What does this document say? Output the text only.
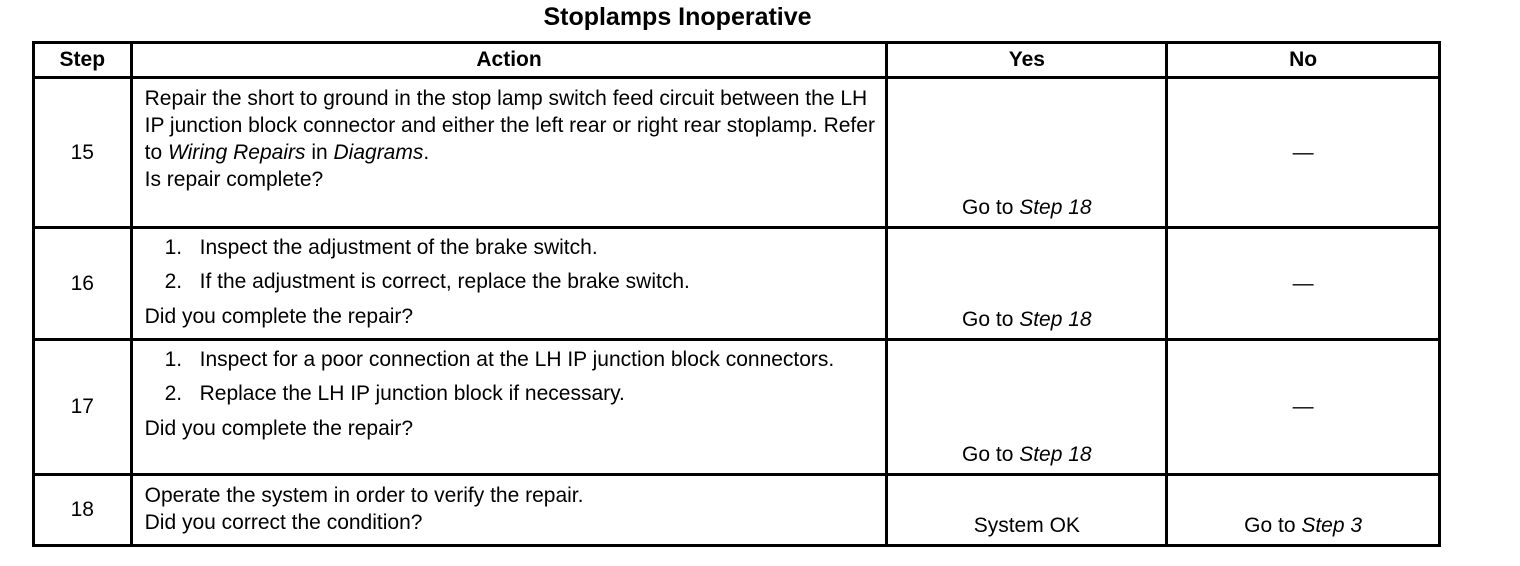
Stoplamps Inoperative
Step	Action	Yes	No
15	Repair the short to ground in the stop lamp switch feed circuit between the LH IP junction block connector and either the left rear or right rear stoplamp. Refer to Wiring Repairs in Diagrams.
Is repair complete?	Go to Step 18	—
16	1. Inspect the adjustment of the brake switch.
2. If the adjustment is correct, replace the brake switch.
Did you complete the repair?	Go to Step 18	—
17	1. Inspect for a poor connection at the LH IP junction block connectors.
2. Replace the LH IP junction block if necessary.
Did you complete the repair?	Go to Step 18	—
18	Operate the system in order to verify the repair.
Did you correct the condition?	System OK	Go to Step 3
